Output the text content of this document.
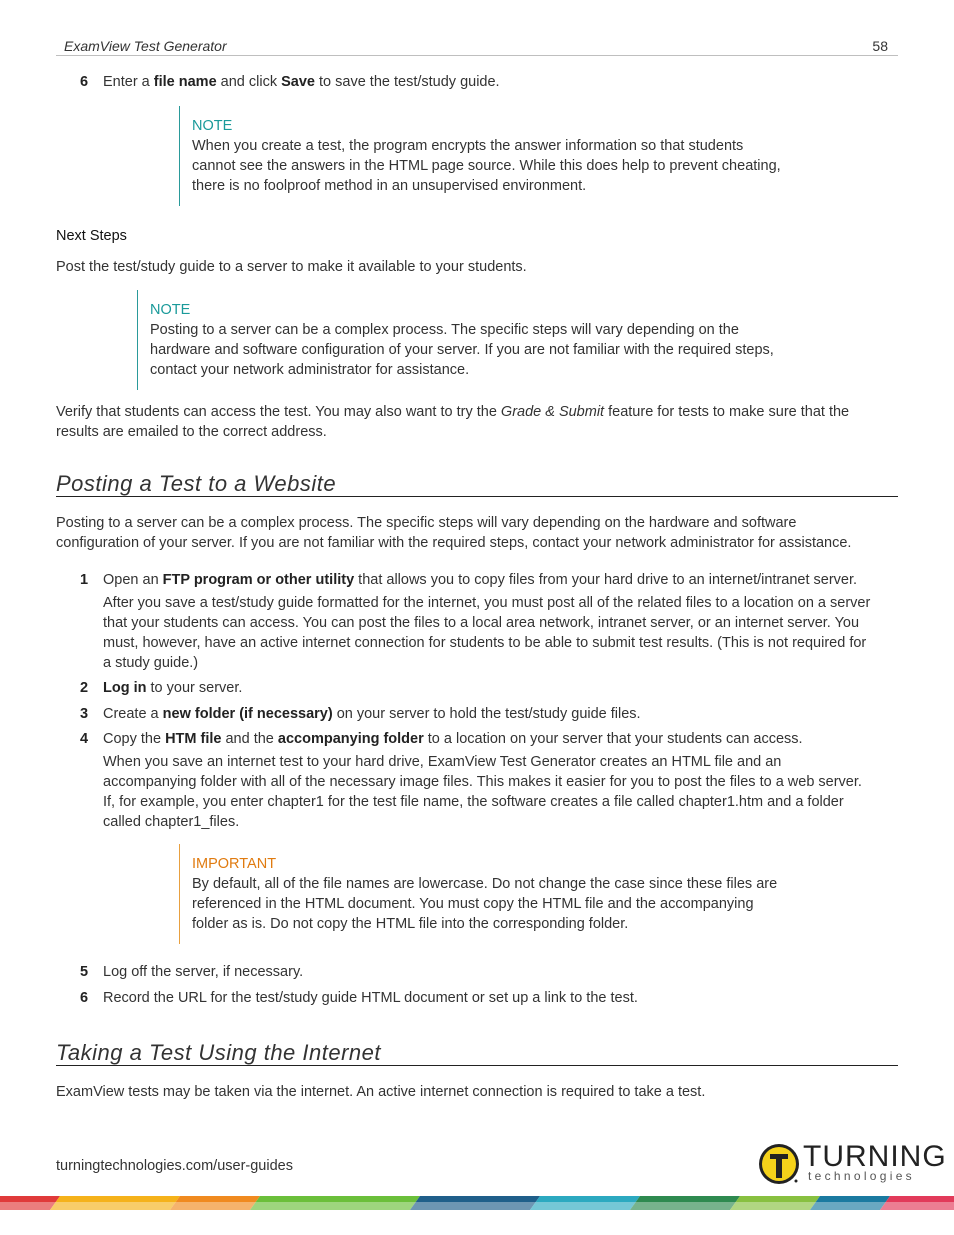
ExamView Test Generator	58
6	Enter a file name and click Save to save the test/study guide.
NOTE
When you create a test, the program encrypts the answer information so that students
cannot see the answers in the HTML page source. While this does help to prevent cheating,
there is no foolproof method in an unsupervised environment.
Next Steps
Post the test/study guide to a server to make it available to your students.
NOTE
Posting to a server can be a complex process. The specific steps will vary depending on the
hardware and software configuration of your server. If you are not familiar with the required steps,
contact your network administrator for assistance.
Verify that students can access the test. You may also want to try the Grade & Submit feature for tests to make sure that the
results are emailed to the correct address.
Posting a Test to a Website
Posting to a server can be a complex process. The specific steps will vary depending on the hardware and software
configuration of your server. If you are not familiar with the required steps, contact your network administrator for assistance.
1	Open an FTP program or other utility that allows you to copy files from your hard drive to an internet/intranet server.
After you save a test/study guide formatted for the internet, you must post all of the related files to a location on a server
that your students can access. You can post the files to a local area network, intranet server, or an internet server. You
must, however, have an active internet connection for students to be able to submit test results. (This is not required for
a study guide.)
2	Log in to your server.
3	Create a new folder (if necessary) on your server to hold the test/study guide files.
4	Copy the HTM file and the accompanying folder to a location on your server that your students can access.
When you save an internet test to your hard drive, ExamView Test Generator creates an HTML file and an
accompanying folder with all of the necessary image files. This makes it easier for you to post the files to a web server.
If, for example, you enter chapter1 for the test file name, the software creates a file called chapter1.htm and a folder
called chapter1_files.
IMPORTANT
By default, all of the file names are lowercase. Do not change the case since these files are
referenced in the HTML document. You must copy the HTML file and the accompanying
folder as is. Do not copy the HTML file into the corresponding folder.
5	Log off the server, if necessary.
6	Record the URL for the test/study guide HTML document or set up a link to the test.
Taking a Test Using the Internet
ExamView tests may be taken via the internet. An active internet connection is required to take a test.
turningtechnologies.com/user-guides	TURNING
technologies
